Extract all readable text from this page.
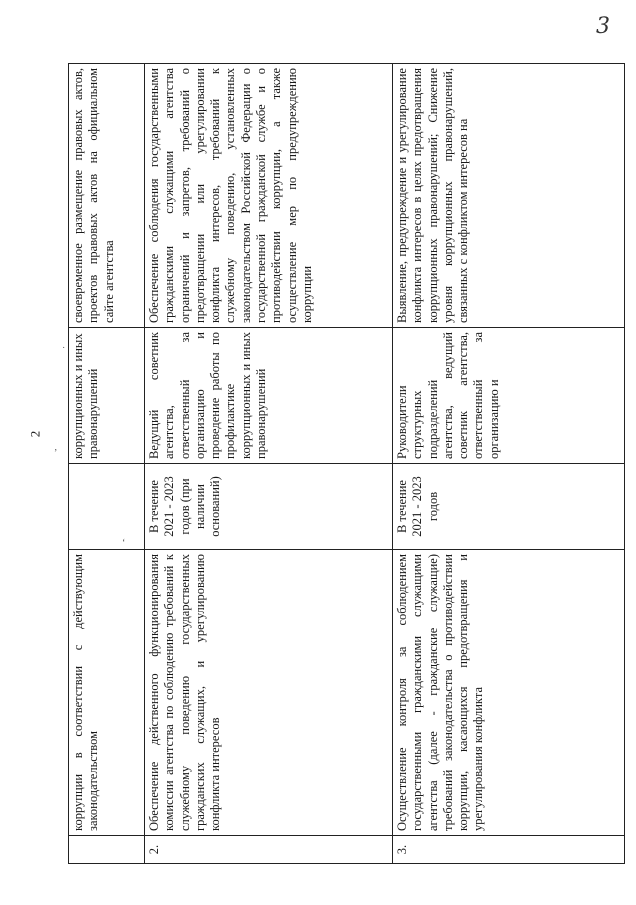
2
3
ʻ
ʼ
˙
	коррупции в соответствии с действующим законодательством		коррупционных и иных правонарушений	своевременное размещение правовых актов, проектов правовых актов на официальном сайте агентства
2.	Обеспечение действенного функционирования комиссии агентства по соблюдению требований к служебному поведению государственных гражданских служащих, и урегулированию конфликта интересов	В течение 2021 - 2023 годов (при наличии оснований)	Ведущий советник агентства, ответственный за организацию и проведение работы по профилактике коррупционных и иных правонарушений	Обеспечение соблюдения государственными гражданскими служащими агентства ограничений и запретов, требований о предотвращении или урегулировании конфликта интересов, требований к служебному поведению, установленных законодательством Российской Федерации о государственной гражданской службе и о противодействии коррупции, а также осуществление мер по предупреждению коррупции
3.	Осуществление контроля за соблюдением государственными гражданскими служащими агентства (далее - гражданские служащие) требований законодательства о противодействии коррупции, касающихся предотвращения и урегулирования конфликта	В течение 2021 - 2023 годов	Руководители структурных подразделений агентства, ведущий советник агентства, ответственный за организацию и	Выявление, предупреждение и урегулирование конфликта интересов в целях предотвращения коррупционных правонарушений; Снижение уровня коррупционных правонарушений, связанных с конфликтом интересов на
